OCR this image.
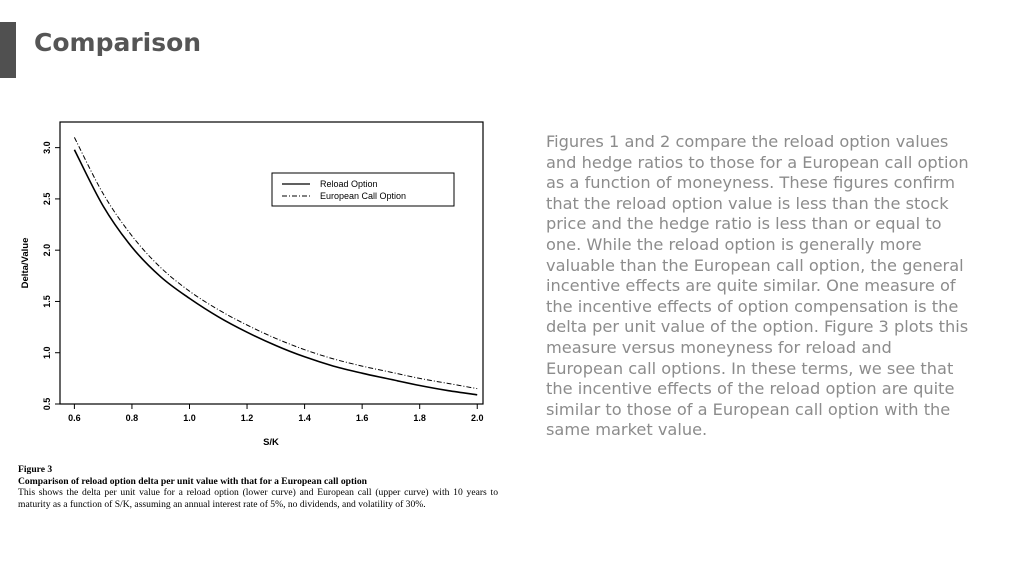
Comparison
0.6	0.8	1.0	1.2	1.4	1.6	1.8	2.0
0.5
1.0
1.5
2.0
2.5
3.0
S/K
Delta/Value
Reload Option
European Call Option
Figure 3
Comparison of reload option delta per unit value with that for a European call option
This shows the delta per unit value for a reload option (lower curve) and European call (upper curve) with 10 years to maturity as a function of S/K, assuming an annual interest rate of 5%, no dividends, and volatility of 30%.

Figures 1 and 2 compare the reload option values and hedge ratios to those for a European call option as a function of moneyness. These figures confirm that the reload option value is less than the stock price and the hedge ratio is less than or equal to one. While the reload option is generally more valuable than the European call option, the general incentive effects are quite similar. One measure of the incentive effects of option compensation is the delta per unit value of the option. Figure 3 plots this measure versus moneyness for reload and European call options. In these terms, we see that the incentive effects of the reload option are quite similar to those of a European call option with the same market value.
